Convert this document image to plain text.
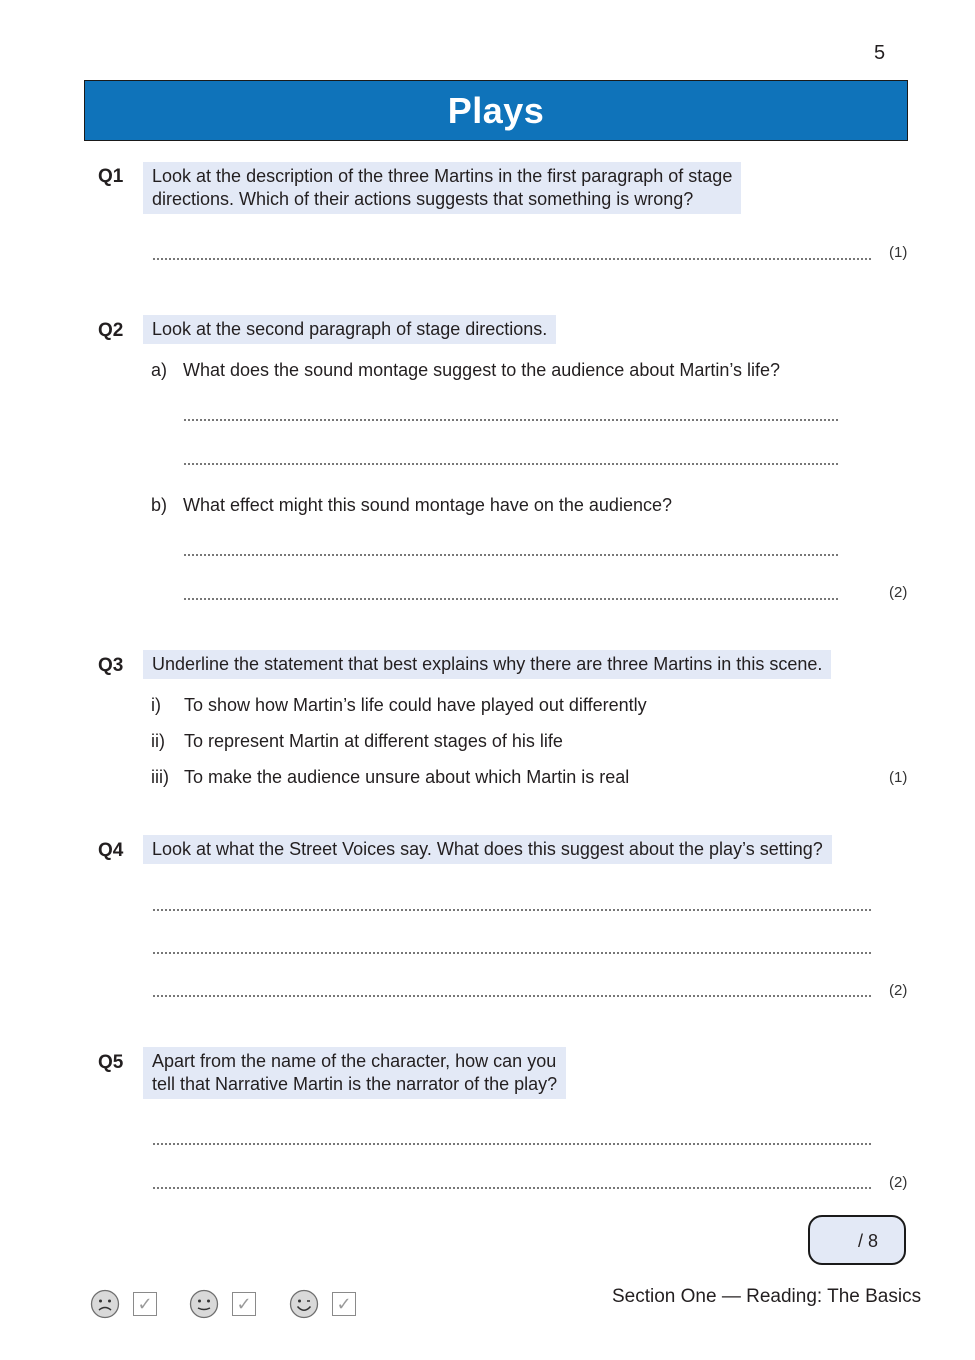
5
Plays
Q1 Look at the description of the three Martins in the first paragraph of stage
directions. Which of their actions suggests that something is wrong?
(1)
Q2	Look at the second paragraph of stage directions.
a) What does the sound montage suggest to the audience about Martin’s life?
b) What effect might this sound montage have on the audience?
(2)
Q3	Underline the statement that best explains why there are three Martins in this scene.
i) To show how Martin’s life could have played out differently
ii) To represent Martin at different stages of his life
iii) To make the audience unsure about which Martin is real	(1)
Q4	Look at what the Street Voices say. What does this suggest about the play’s setting?
(2)
Q5 Apart from the name of the character, how can you
tell that Narrative Martin is the narrator of the play?
(2)
/ 8
✓	✓	✓	Section One — Reading: The Basics
